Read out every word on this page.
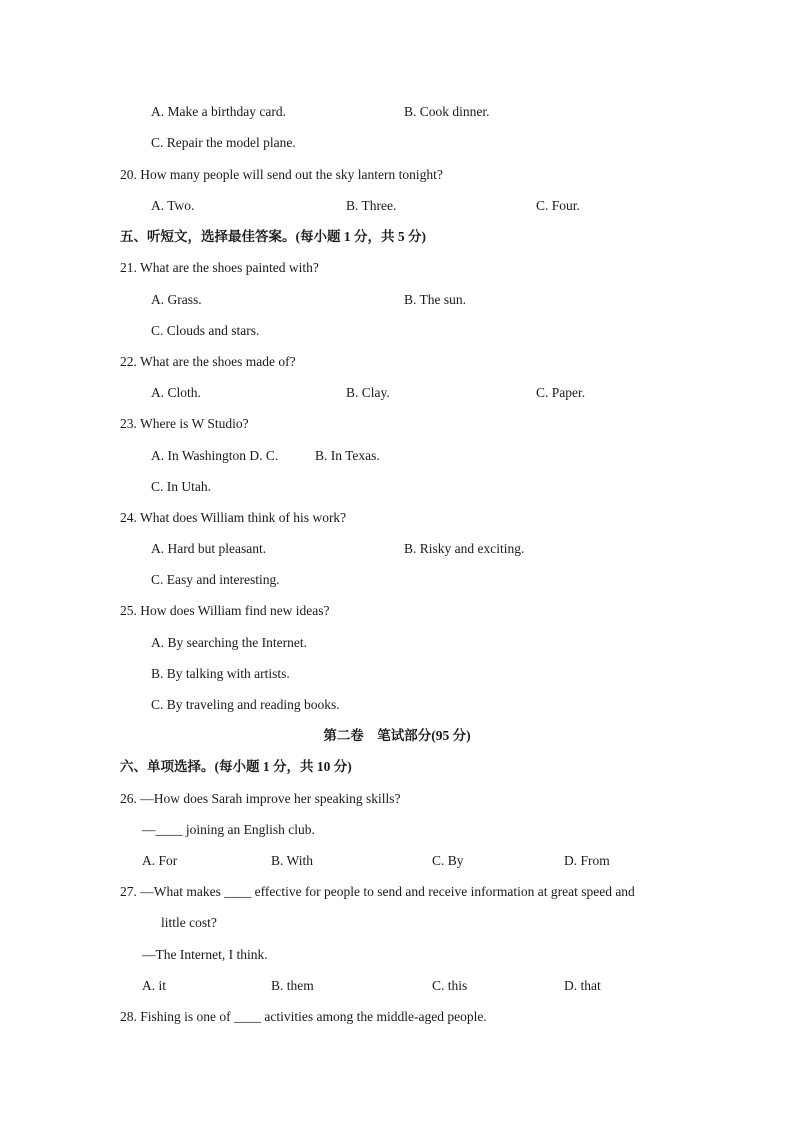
A. Make a birthday card.	B. Cook dinner.
C. Repair the model plane.
20. How many people will send out the sky lantern tonight?
A. Two.	B. Three.	C. Four.
五、听短文，选择最佳答案。(每小题 1 分，共 5 分)
21. What are the shoes painted with?
A. Grass.	B. The sun.
C. Clouds and stars.
22. What are the shoes made of?
A. Cloth.	B. Clay.	C. Paper.
23. Where is W Studio?
A. In Washington D. C.	B. In Texas.
C. In Utah.
24. What does William think of his work?
A. Hard but pleasant.	B. Risky and exciting.
C. Easy and interesting.
25. How does William find new ideas?
A. By searching the Internet.
B. By talking with artists.
C. By traveling and reading books.
第二卷　笔试部分(95 分)
六、单项选择。(每小题 1 分，共 10 分)
26. —How does Sarah improve her speaking skills?
—____ joining an English club.
A. For	B. With	C. By	D. From
27. —What makes ____ effective for people to send and receive information at great speed and
little cost?
—The Internet, I think.
A. it	B. them	C. this	D. that
28. Fishing is one of ____ activities among the middle-aged people.
